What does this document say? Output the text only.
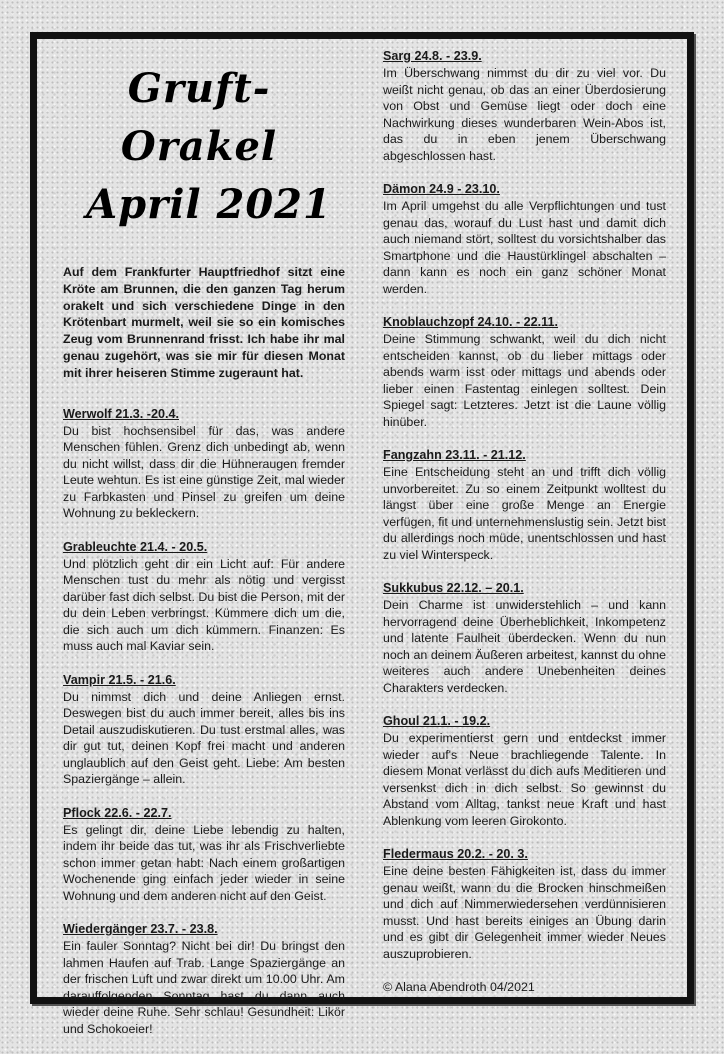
Gruft-Orakel
April 2021

Auf dem Frankfurter Hauptfriedhof sitzt eine Kröte am Brunnen, die den ganzen Tag herum orakelt und sich verschiedene Dinge in den Krötenbart murmelt, weil sie so ein komisches Zeug vom Brunnenrand frisst. Ich habe ihr mal genau zugehört, was sie mir für diesen Monat mit ihrer heiseren Stimme zugeraunt hat.

Werwolf 21.3. -20.4.
Du bist hochsensibel für das, was andere Menschen fühlen. Grenz dich unbedingt ab, wenn du nicht willst, dass dir die Hühneraugen fremder Leute wehtun. Es ist eine günstige Zeit, mal wieder zu Farbkasten und Pinsel zu greifen um deine Wohnung zu bekleckern.
Grableuchte 21.4. - 20.5.
Und plötzlich geht dir ein Licht auf: Für andere Menschen tust du mehr als nötig und vergisst darüber fast dich selbst. Du bist die Person, mit der du dein Leben verbringst. Kümmere dich um die, die sich auch um dich kümmern. Finanzen: Es muss auch mal Kaviar sein.
Vampir 21.5. - 21.6.
Du nimmst dich und deine Anliegen ernst. Deswegen bist du auch immer bereit, alles bis ins Detail auszudiskutieren. Du tust erstmal alles, was dir gut tut, deinen Kopf frei macht und anderen unglaublich auf den Geist geht. Liebe: Am besten Spaziergänge – allein.
Pflock 22.6. - 22.7.
Es gelingt dir, deine Liebe lebendig zu halten, indem ihr beide das tut, was ihr als Frischverliebte schon immer getan habt: Nach einem großartigen Wochenende ging einfach jeder wieder in seine Wohnung und dem anderen nicht auf den Geist.
Wiedergänger 23.7. - 23.8.
Ein fauler Sonntag? Nicht bei dir! Du bringst den lahmen Haufen auf Trab. Lange Spaziergänge an der frischen Luft und zwar direkt um 10.00 Uhr. Am darauffolgenden Sonntag hast du dann auch wieder deine Ruhe. Sehr schlau! Gesundheit: Likör und Schokoeier!
Sarg 24.8. - 23.9.
Im Überschwang nimmst du dir zu viel vor. Du weißt nicht genau, ob das an einer Überdosierung von Obst und Gemüse liegt oder doch eine Nachwirkung dieses wunderbaren Wein-Abos ist, das du in eben jenem Überschwang abgeschlossen hast.
Dämon 24.9 - 23.10.
Im April umgehst du alle Verpflichtungen und tust genau das, worauf du Lust hast und damit dich auch niemand stört, solltest du vorsichtshalber das Smartphone und die Haustürklingel abschalten – dann kann es noch ein ganz schöner Monat werden.
Knoblauchzopf 24.10. - 22.11.
Deine Stimmung schwankt, weil du dich nicht entscheiden kannst, ob du lieber mittags oder abends warm isst oder mittags und abends oder lieber einen Fastentag einlegen solltest. Dein Spiegel sagt: Letzteres. Jetzt ist die Laune völlig hinüber.
Fangzahn 23.11. - 21.12.
Eine Entscheidung steht an und trifft dich völlig unvorbereitet. Zu so einem Zeitpunkt wolltest du längst über eine große Menge an Energie verfügen, fit und unternehmenslustig sein. Jetzt bist du allerdings noch müde, unentschlossen und hast zu viel Winterspeck.
Sukkubus 22.12. – 20.1.
Dein Charme ist unwiderstehlich – und kann hervorragend deine Überheblichkeit, Inkompetenz und latente Faulheit überdecken. Wenn du nun noch an deinem Äußeren arbeitest, kannst du ohne weiteres auch andere Unebenheiten deines Charakters verdecken.
Ghoul 21.1. - 19.2.
Du experimentierst gern und entdeckst immer wieder auf's Neue brachliegende Talente. In diesem Monat verlässt du dich aufs Meditieren und versenkst dich in dich selbst. So gewinnst du Abstand vom Alltag, tankst neue Kraft und hast Ablenkung vom leeren Girokonto.
Fledermaus 20.2. - 20. 3.
Eine deine besten Fähigkeiten ist, dass du immer genau weißt, wann du die Brocken hinschmeißen und dich auf Nimmerwiedersehen verdünnisieren musst. Und hast bereits einiges an Übung darin und es gibt dir Gelegenheit immer wieder Neues auszuprobieren.
© Alana Abendroth 04/2021
